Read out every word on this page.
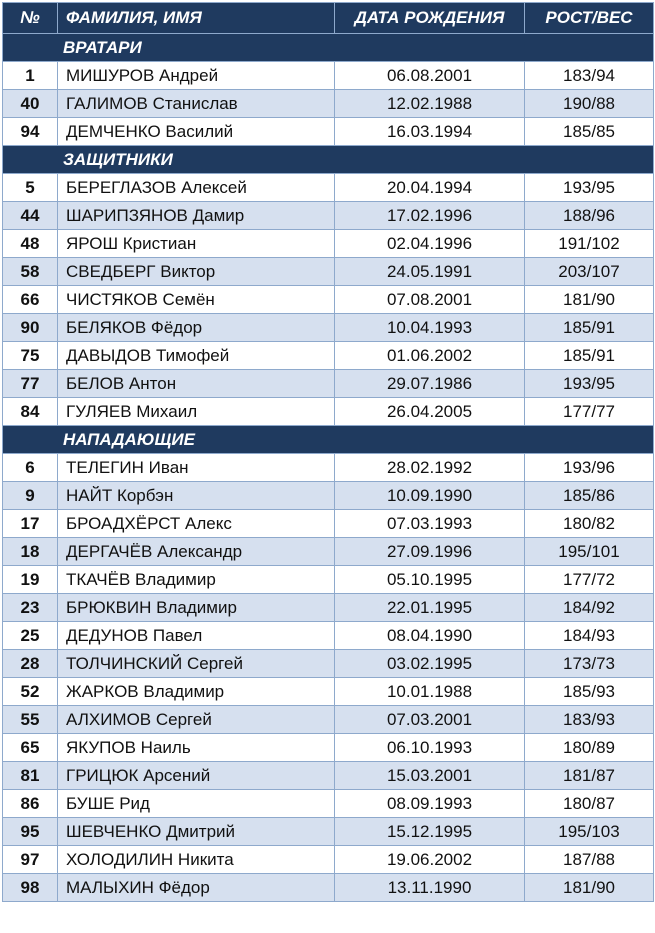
№	ФАМИЛИЯ, ИМЯ	ДАТА РОЖДЕНИЯ	РОСТ/ВЕС
ВРАТАРИ			
1	МИШУРОВ Андрей	06.08.2001	183/94
40	ГАЛИМОВ Станислав	12.02.1988	190/88
94	ДЕМЧЕНКО Василий	16.03.1994	185/85
ЗАЩИТНИКИ			
5	БЕРЕГЛАЗОВ Алексей	20.04.1994	193/95
44	ШАРИПЗЯНОВ Дамир	17.02.1996	188/96
48	ЯРОШ Кристиан	02.04.1996	191/102
58	СВЕДБЕРГ Виктор	24.05.1991	203/107
66	ЧИСТЯКОВ Семён	07.08.2001	181/90
90	БЕЛЯКОВ Фёдор	10.04.1993	185/91
75	ДАВЫДОВ Тимофей	01.06.2002	185/91
77	БЕЛОВ Антон	29.07.1986	193/95
84	ГУЛЯЕВ Михаил	26.04.2005	177/77
НАПАДАЮЩИЕ			
6	ТЕЛЕГИН Иван	28.02.1992	193/96
9	НАЙТ Корбэн	10.09.1990	185/86
17	БРОАДХЁРСТ Алекс	07.03.1993	180/82
18	ДЕРГАЧЁВ Александр	27.09.1996	195/101
19	ТКАЧЁВ Владимир	05.10.1995	177/72
23	БРЮКВИН Владимир	22.01.1995	184/92
25	ДЕДУНОВ Павел	08.04.1990	184/93
28	ТОЛЧИНСКИЙ Сергей	03.02.1995	173/73
52	ЖАРКОВ Владимир	10.01.1988	185/93
55	АЛХИМОВ Сергей	07.03.2001	183/93
65	ЯКУПОВ Наиль	06.10.1993	180/89
81	ГРИЦЮК Арсений	15.03.2001	181/87
86	БУШЕ Рид	08.09.1993	180/87
95	ШЕВЧЕНКО Дмитрий	15.12.1995	195/103
97	ХОЛОДИЛИН Никита	19.06.2002	187/88
98	МАЛЫХИН Фёдор	13.11.1990	181/90
